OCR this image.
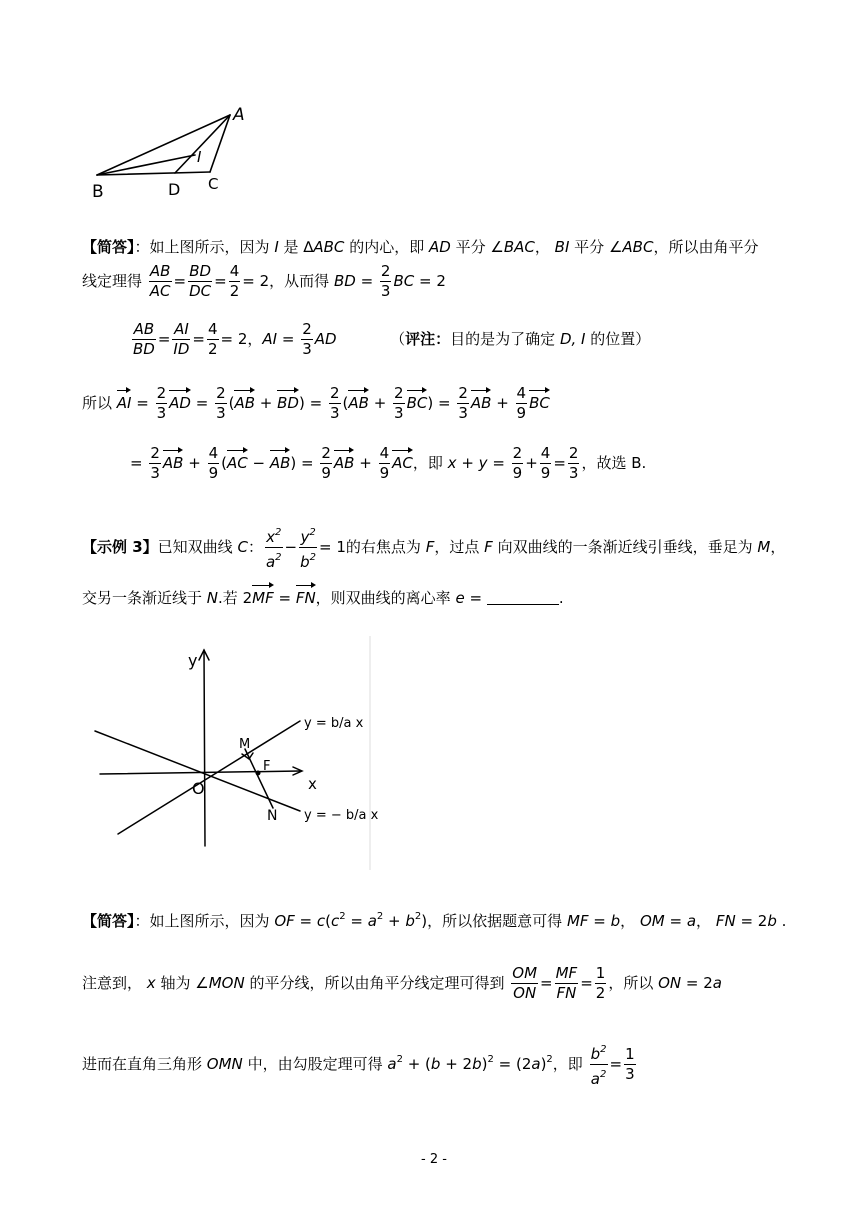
A
I
B	D C
【简答】：如上图所示，因为 I 是 ∆ABC 的内心，即 AD 平分 ∠BAC， BI 平分 ∠ABC，所以由角平分
线定理得 $\frac{AB}{AC} = \frac{BD}{DC} = \frac{4}{2} = 2$，从而得 BD = $\frac{2}{3}$ BC = 2
$\frac{AB}{BD} = \frac{AI}{ID} = \frac{4}{2} = 2$，AI = $\frac{2}{3}$ AD	（评注：目的是为了确定 D, I 的位置）
所以 AI = $\frac{2}{3}$ AD = $\frac{2}{3} (AB + BD) = \frac{2}{3} (AB + \frac{2}{3} BC) = \frac{2}{3}$ AB + $\frac{4}{9}$ BC
= $\frac{2}{3}$ AB + $\frac{4}{9} (AC - AB) = \frac{2}{9}$ AB + $\frac{4}{9}$ AC，即 $x + y = \frac{2}{9} + \frac{4}{9} = \frac{2}{3}$ ，故选 B.
【示例 3】已知双曲线 C： $\frac{x^2}{a^2} - \frac{y^2}{b^2} = 1$的右焦点为 F，过点 F 向双曲线的一条渐近线引垂线，垂足为 M，
交另一条渐近线于 N.若 2MF = FN，则双曲线的离心率 e =	.
y
x
O
M
F
N
y = b/a x
y = − b/a x
【简答】：如上图所示，因为 OF = $c(c^2 = a^2 + b^2)$，所以依据题意可得 MF = b， OM = a， FN = 2b .
注意到， x 轴为 ∠MON 的平分线，所以由角平分线定理可得到 $\frac{OM}{ON} = \frac{MF}{FN} = \frac{1}{2}$ ，所以 ON = 2a
进而在直角三角形 OMN 中，由勾股定理可得 $a^2 + (b + 2b)^2 = (2a)^2$，即 $\frac{b^2}{a^2} = \frac{1}{3}$
- 2 -
